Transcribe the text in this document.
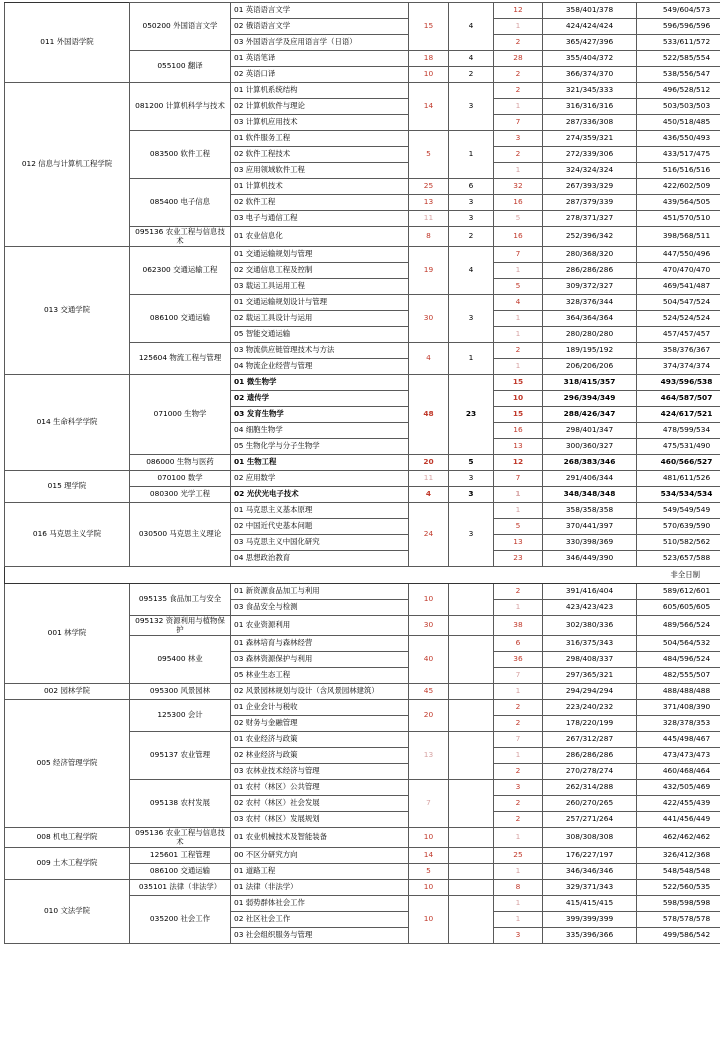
011 外国语学院	050200 外国语言文学	01 英语语言文学	15	4	12	358/401/378	549/604/573
		02 俄语语言文学			1	424/424/424	596/596/596
		03 外国语言学及应用语言学（日语）			2	365/427/396	533/611/572
	055100 翻译	01 英语笔译	18	4	28	355/404/372	522/585/554
		02 英语口译	10	2	2	366/374/370	538/556/547
012 信息与计算机工程学院	081200 计算机科学与技术	01 计算机系统结构	14	3	2	321/345/333	496/528/512
		02 计算机软件与理论			1	316/316/316	503/503/503
		03 计算机应用技术			7	287/336/308	450/518/485
	083500 软件工程	01 软件服务工程	5	1	3	274/359/321	436/550/493
		02 软件工程技术			2	272/339/306	433/517/475
		03 应用领域软件工程			1	324/324/324	516/516/516
	085400 电子信息	01 计算机技术	25	6	32	267/393/329	422/602/509
		02 软件工程	13	3	16	287/379/339	439/564/505
		03 电子与通信工程	11	3	5	278/371/327	451/570/510
	095136 农业工程与信息技术	01 农业信息化	8	2	16	252/396/342	398/568/511
013 交通学院	062300 交通运输工程	01 交通运输规划与管理	19	4	7	280/368/320	447/550/496
		02 交通信息工程及控制			1	286/286/286	470/470/470
		03 载运工具运用工程			5	309/372/327	469/541/487
	086100 交通运输	01 交通运输规划设计与管理	30	3	4	328/376/344	504/547/524
		02 载运工具设计与运用			1	364/364/364	524/524/524
		05 智能交通运输			1	280/280/280	457/457/457
	125604 物流工程与管理	03 物流供应链管理技术与方法	4	1	2	189/195/192	358/376/367
		04 物流企业经营与管理			1	206/206/206	374/374/374
014 生命科学学院	071000 生物学	01 微生物学	48	23	15	318/415/357	493/596/538
		02 遗传学			10	296/394/349	464/587/507
		03 发育生物学			15	288/426/347	424/617/521
		04 细胞生物学			16	298/401/347	478/599/534
		05 生物化学与分子生物学			13	300/360/327	475/531/490
	086000 生物与医药	01 生物工程	20	5	12	268/383/346	460/566/527
015 理学院	070100 数学	02 应用数学	11	3	7	291/406/344	481/611/526
	080300 光学工程	02 光伏光电子技术	4	3	1	348/348/348	534/534/534
016 马克思主义学院	030500 马克思主义理论	01 马克思主义基本原理	24	3	1	358/358/358	549/549/549
		02 中国近代史基本问题			5	370/441/397	570/639/590
		03 马克思主义中国化研究			13	330/398/369	510/582/562
		04 思想政治教育			23	346/449/390	523/657/588
非全日制							
001 林学院	095135 食品加工与安全	01 新资源食品加工与利用	10		2	391/416/404	589/612/601
		03 食品安全与检测			1	423/423/423	605/605/605
	095132 资源利用与植物保护	01 农业资源利用	30		38	302/380/336	489/566/524
	095400 林业	01 森林培育与森林经营	40		6	316/375/343	504/564/532
		03 森林资源保护与利用			36	298/408/337	484/596/524
		05 林业生态工程			7	297/365/321	482/555/507
002 园林学院	095300 风景园林	02 风景园林规划与设计（含风景园林建筑）	45		1	294/294/294	488/488/488
005 经济管理学院	125300 会计	01 企业会计与税收	20		2	223/240/232	371/408/390
		02 财务与金融管理			2	178/220/199	328/378/353
	095137 农业管理	01 农业经济与政策	13		7	267/312/287	445/498/467
		02 林业经济与政策			1	286/286/286	473/473/473
		03 农林业技术经济与管理			2	270/278/274	460/468/464
	095138 农村发展	01 农村（林区）公共管理	7		3	262/314/288	432/505/469
		02 农村（林区）社会发展			2	260/270/265	422/455/439
		03 农村（林区）发展规划			2	257/271/264	441/456/449
008 机电工程学院	095136 农业工程与信息技术	01 农业机械技术及智能装备	10		1	308/308/308	462/462/462
009 土木工程学院	125601 工程管理	00 不区分研究方向	14		25	176/227/197	326/412/368
	086100 交通运输	01 道路工程	5		1	346/346/346	548/548/548
010 文法学院	035101 法律（非法学）	01 法律（非法学）	10		8	329/371/343	522/560/535
	035200 社会工作	01 弱势群体社会工作	10		1	415/415/415	598/598/598
		02 社区社会工作			1	399/399/399	578/578/578
		03 社会组织服务与管理			3	335/396/366	499/586/542
